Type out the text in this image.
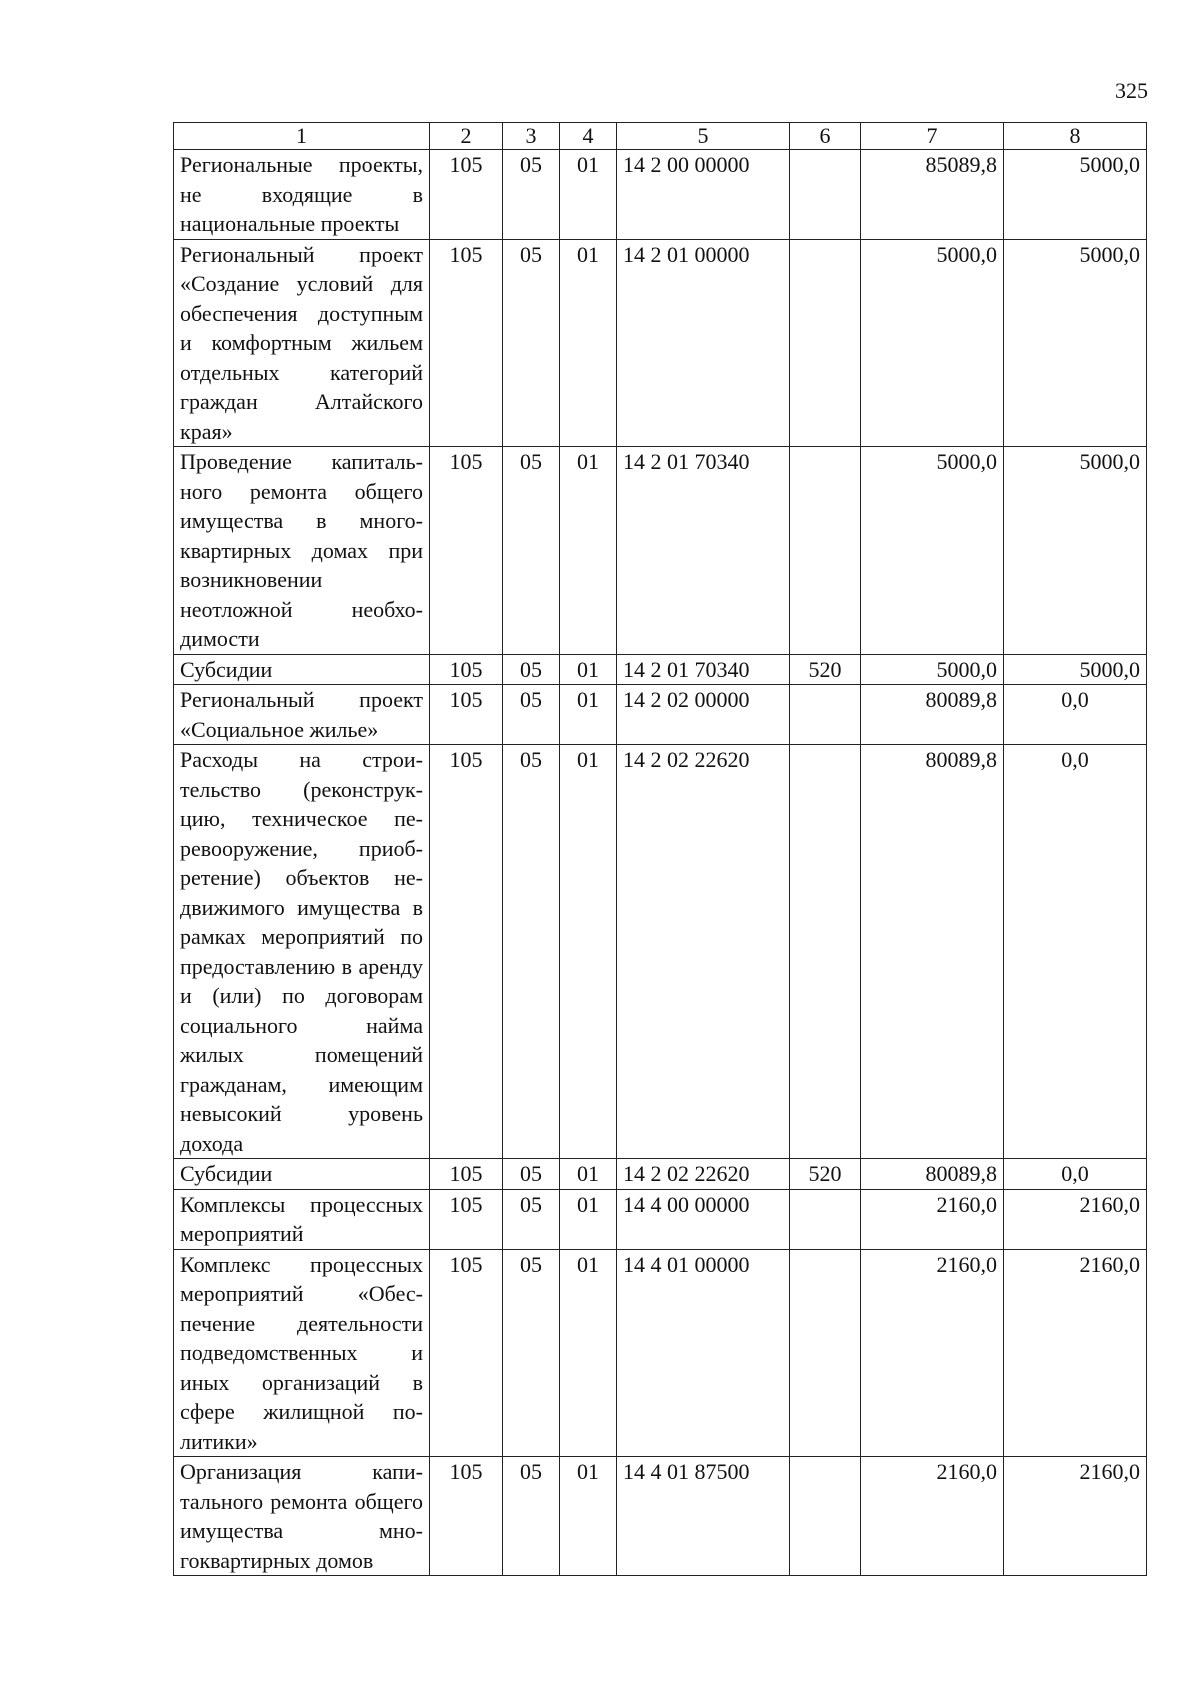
325
1	2	3	4	5	6	7	8
Региональные проекты, не входящие в национальные проекты	105	05	01	14 2 00 00000		85089,8	5000,0
Региональный проект «Создание условий для обеспечения доступным и комфортным жильем отдельных категорий граждан Алтайского края»	105	05	01	14 2 01 00000		5000,0	5000,0
Проведение капитального ремонта общего имущества в многоквартирных домах при возникновении неотложной необходимости	105	05	01	14 2 01 70340		5000,0	5000,0
Субсидии	105	05	01	14 2 01 70340	520	5000,0	5000,0
Региональный проект «Социальное жилье»	105	05	01	14 2 02 00000		80089,8	0,0
Расходы на строительство (реконструкцию, техническое перевооружение, приобретение) объектов недвижимого имущества в рамках мероприятий по предоставлению в аренду и (или) по договорам социального найма жилых помещений гражданам, имеющим невысокий уровень дохода	105	05	01	14 2 02 22620		80089,8	0,0
Субсидии	105	05	01	14 2 02 22620	520	80089,8	0,0
Комплексы процессных мероприятий	105	05	01	14 4 00 00000		2160,0	2160,0
Комплекс процессных мероприятий «Обеспечение деятельности подведомственных и иных организаций в сфере жилищной политики»	105	05	01	14 4 01 00000		2160,0	2160,0
Организация капитального ремонта общего имущества многоквартирных домов	105	05	01	14 4 01 87500		2160,0	2160,0
